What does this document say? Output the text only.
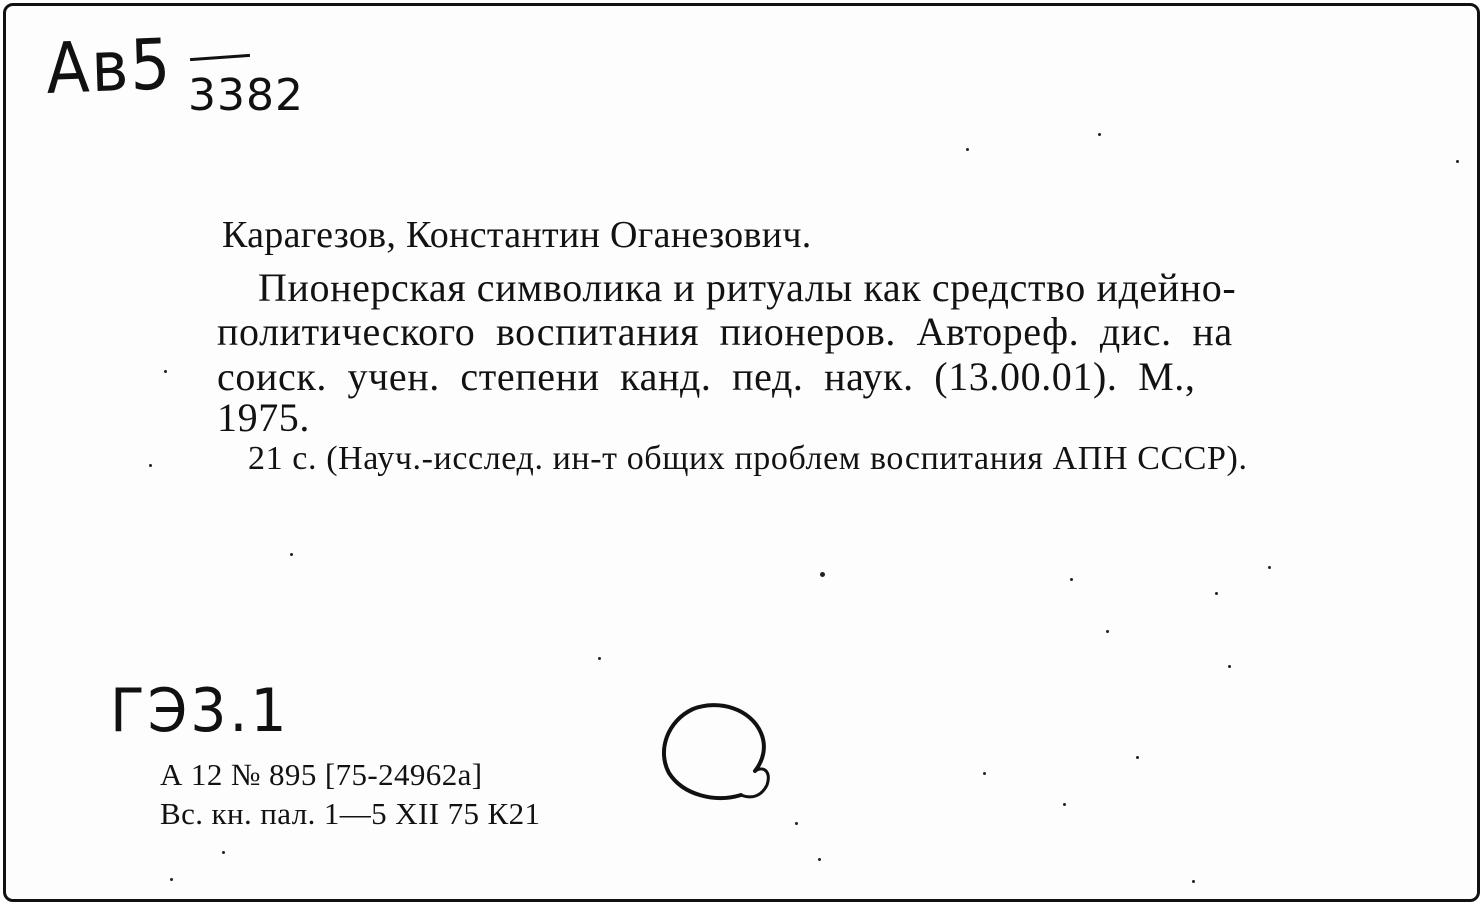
Ав5 3382
Карагезов, Константин Оганезович.
Пионерская символика и ритуалы как средство идейно-
политического воспитания пионеров. Автореф. дис. на
соиск. учен. степени канд. пед. наук. (13.00.01). М.,
1975.
21 с. (Науч.-исслед. ин-т общих проблем воспитания АПН СССР).
ГЭ3.1
А 12 № 895 [75-24962а]
Вс. кн. пал. 1—5 XII 75 К21
